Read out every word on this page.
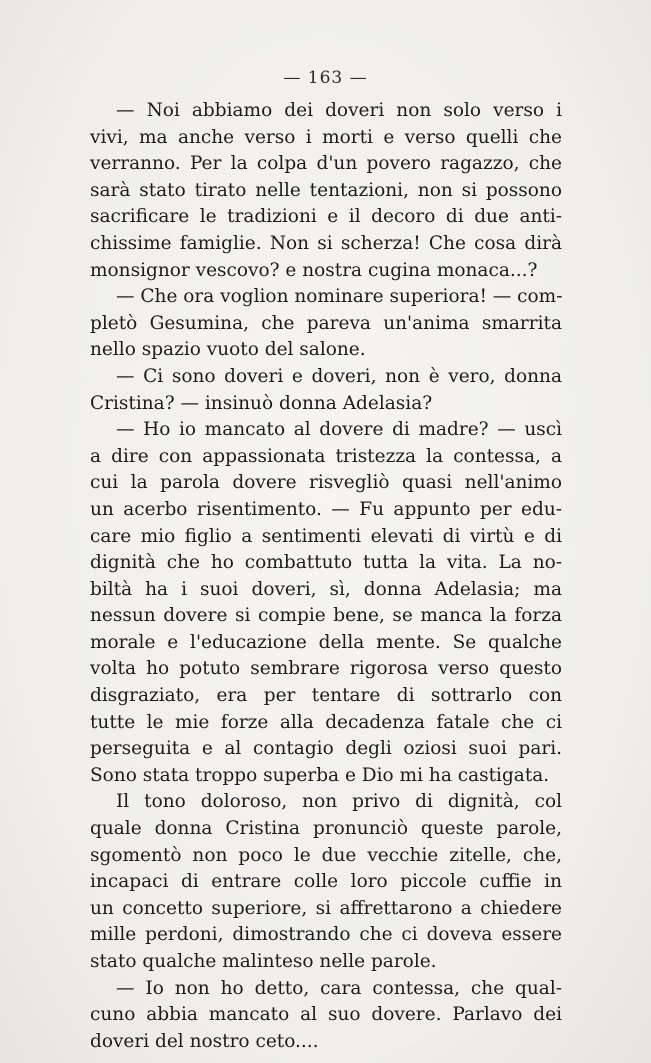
— 163 —
— Noi abbiamo dei doveri non solo verso i
vivi, ma anche verso i morti e verso quelli che
verranno. Per la colpa d'un povero ragazzo, che
sarà stato tirato nelle tentazioni, non si possono
sacrificare le tradizioni e il decoro di due anti-
chissime famiglie. Non si scherza! Che cosa dirà
monsignor vescovo? e nostra cugina monaca...?
— Che ora voglion nominare superiora! — com-
pletò Gesumina, che pareva un'anima smarrita
nello spazio vuoto del salone.
— Ci sono doveri e doveri, non è vero, donna
Cristina? — insinuò donna Adelasia?
— Ho io mancato al dovere di madre? — uscì
a dire con appassionata tristezza la contessa, a
cui la parola dovere risvegliò quasi nell'animo
un acerbo risentimento. — Fu appunto per edu-
care mio figlio a sentimenti elevati di virtù e di
dignità che ho combattuto tutta la vita. La no-
biltà ha i suoi doveri, sì, donna Adelasia; ma
nessun dovere si compie bene, se manca la forza
morale e l'educazione della mente. Se qualche
volta ho potuto sembrare rigorosa verso questo
disgraziato, era per tentare di sottrarlo con
tutte le mie forze alla decadenza fatale che ci
perseguita e al contagio degli oziosi suoi pari.
Sono stata troppo superba e Dio mi ha castigata.
Il tono doloroso, non privo di dignità, col
quale donna Cristina pronunciò queste parole,
sgomentò non poco le due vecchie zitelle, che,
incapaci di entrare colle loro piccole cuffie in
un concetto superiore, si affrettarono a chiedere
mille perdoni, dimostrando che ci doveva essere
stato qualche malinteso nelle parole.
— Io non ho detto, cara contessa, che qual-
cuno abbia mancato al suo dovere. Parlavo dei
doveri del nostro ceto....
